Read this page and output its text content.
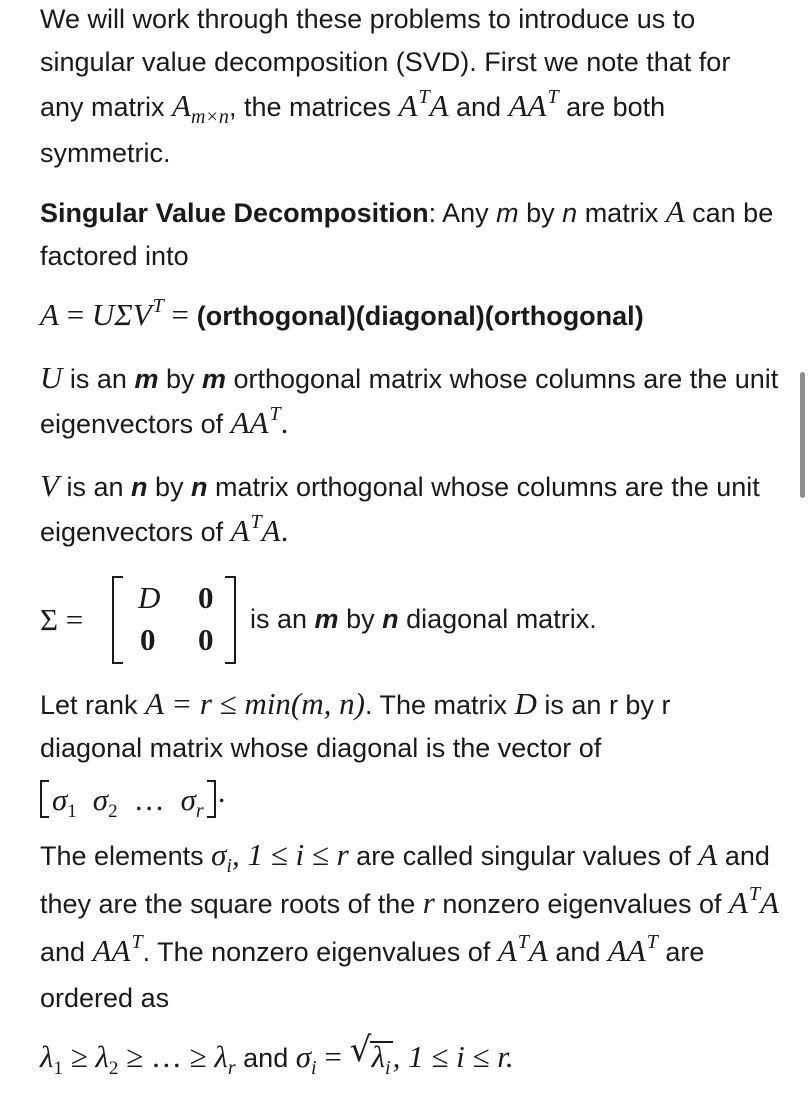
We will work through these problems to introduce us to singular value decomposition (SVD). First we note that for any matrix $A_{m\times n}$, the matrices $A^TA$ and $AA^T$ are both symmetric.

Singular Value Decomposition: Any m by n matrix A can be factored into

$A = U\Sigma V^T$ = (orthogonal)(diagonal)(orthogonal)

U is an m by m orthogonal matrix whose columns are the unit eigenvectors of $AA^T$.

V is an n by n matrix orthogonal whose columns are the unit eigenvectors of $A^TA$.

Σ =
D 0
0 0
is an m by n diagonal matrix.

Let rank A = r ≤ min(m, n). The matrix D is an r by r diagonal matrix whose diagonal is the vector of $\sigma_1$ $\sigma_2$ … $\sigma_r$.

The elements $\sigma_i$, 1 ≤ i ≤ r are called singular values of A and they are the square roots of the r nonzero eigenvalues of $A^TA$ and $AA^T$. The nonzero eigenvalues of $A^TA$ and $AA^T$ are ordered as

$\lambda_1 \ge \lambda_2$ ≥ … ≥ $\lambda_r$ and $\sigma_i$ = √ $\lambda_i$, 1 ≤ i ≤ r.
